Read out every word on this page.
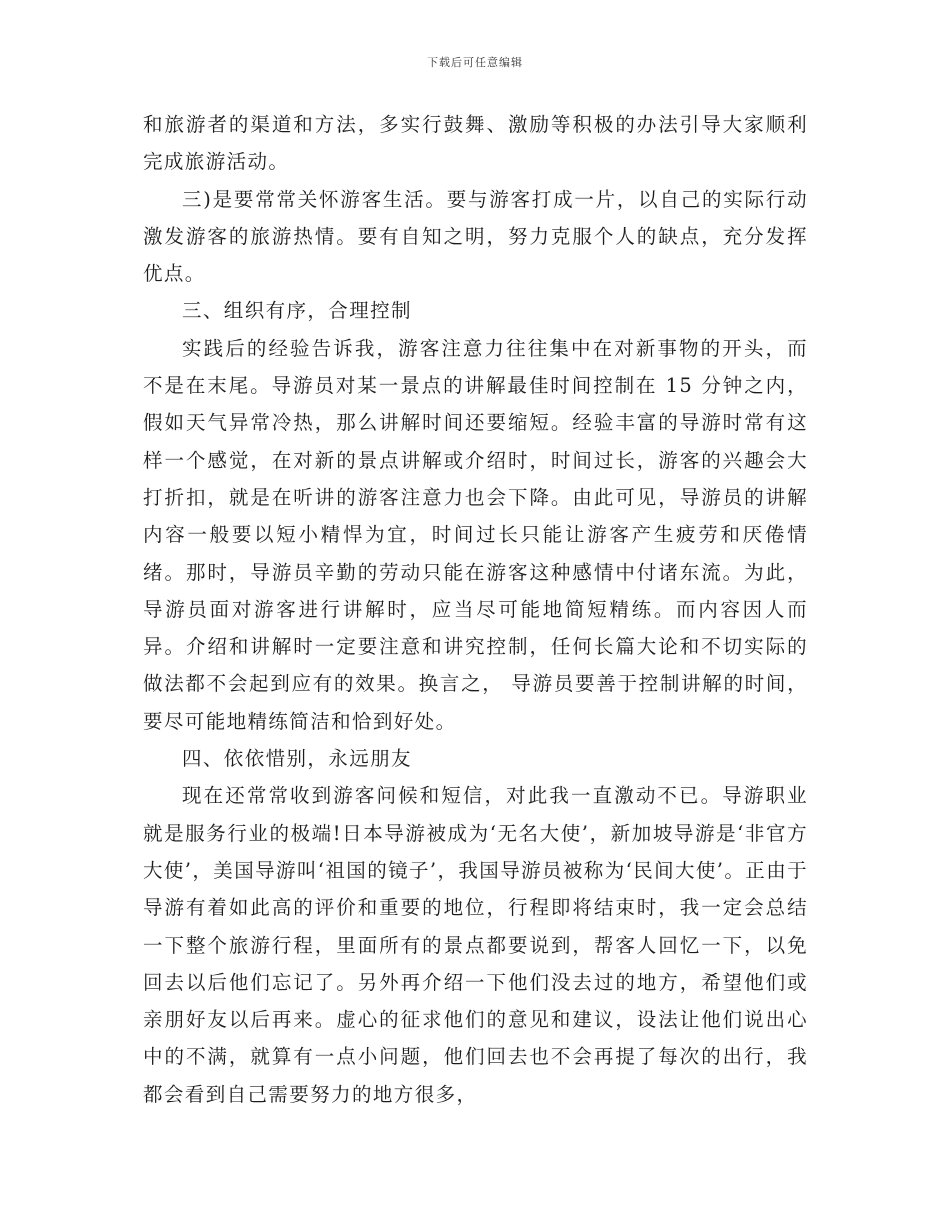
下载后可任意编辑

和旅游者的渠道和方法，多实行鼓舞、激励等积极的办法引导大家顺利完成旅游活动。

三)是要常常关怀游客生活。要与游客打成一片，以自己的实际行动激发游客的旅游热情。要有自知之明，努力克服个人的缺点，充分发挥优点。

三、组织有序，合理控制

实践后的经验告诉我，游客注意力往往集中在对新事物的开头，而不是在末尾。导游员对某一景点的讲解最佳时间控制在 15 分钟之内，假如天气异常冷热，那么讲解时间还要缩短。经验丰富的导游时常有这样一个感觉，在对新的景点讲解或介绍时，时间过长，游客的兴趣会大打折扣，就是在听讲的游客注意力也会下降。由此可见，导游员的讲解内容一般要以短小精悍为宜，时间过长只能让游客产生疲劳和厌倦情绪。那时，导游员辛勤的劳动只能在游客这种感情中付诸东流。为此，导游员面对游客进行讲解时，应当尽可能地简短精练。而内容因人而异。介绍和讲解时一定要注意和讲究控制，任何长篇大论和不切实际的做法都不会起到应有的效果。换言之， 导游员要善于控制讲解的时间， 要尽可能地精练简洁和恰到好处。

四、依依惜别，永远朋友

现在还常常收到游客问候和短信，对此我一直激动不已。导游职业就是服务行业的极端!日本导游被成为‘无名大使’，新加坡导游是‘非官方大使’，美国导游叫‘祖国的镜子’，我国导游员被称为‘民间大使’。正由于导游有着如此高的评价和重要的地位，行程即将结束时，我一定会总结一下整个旅游行程，里面所有的景点都要说到，帮客人回忆一下，以免回去以后他们忘记了。另外再介绍一下他们没去过的地方，希望他们或亲朋好友以后再来。虚心的征求他们的意见和建议，设法让他们说出心中的不满，就算有一点小问题，他们回去也不会再提了每次的出行，我都会看到自己需要努力的地方很多，
